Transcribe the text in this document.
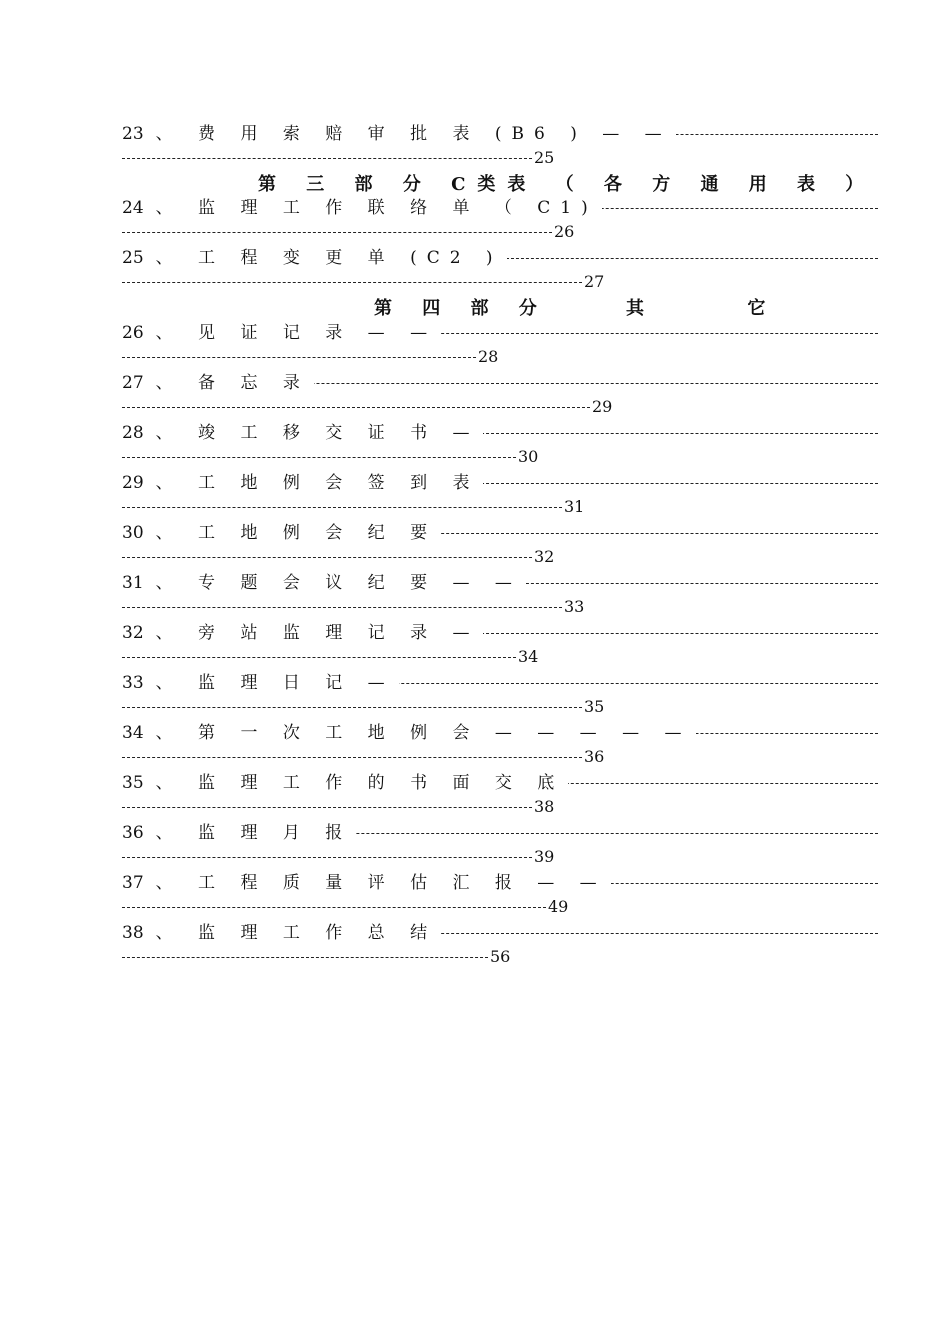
23 、 费 用 索 赔 审 批 表 (B6 ) — —
25
24 、 监 理 工 作 联 络 单 （ C1)
26
25 、 工 程 变 更 单 (C2 )
27
26 、 见 证 记 录 — —
28
27 、 备 忘 录
29
28 、 竣 工 移 交 证 书 —
30
29 、 工 地 例 会 签 到 表
31
30 、 工 地 例 会 纪 要
32
31 、 专 题 会 议 纪 要 — —
33
32 、 旁 站 监 理 记 录 —
34
33 、 监 理 日 记 —
35
34 、 第 一 次 工 地 例 会 — — — — —
36
35 、 监 理 工 作 的 书 面 交 底
38
36 、 监 理 月 报
39
37 、 工 程 质 量 评 估 汇 报 — —
49
38 、 监 理 工 作 总 结
56
第 三 部 分 C类表 （ 各 方 通 用 表 ）
第 四 部 分	其     它
